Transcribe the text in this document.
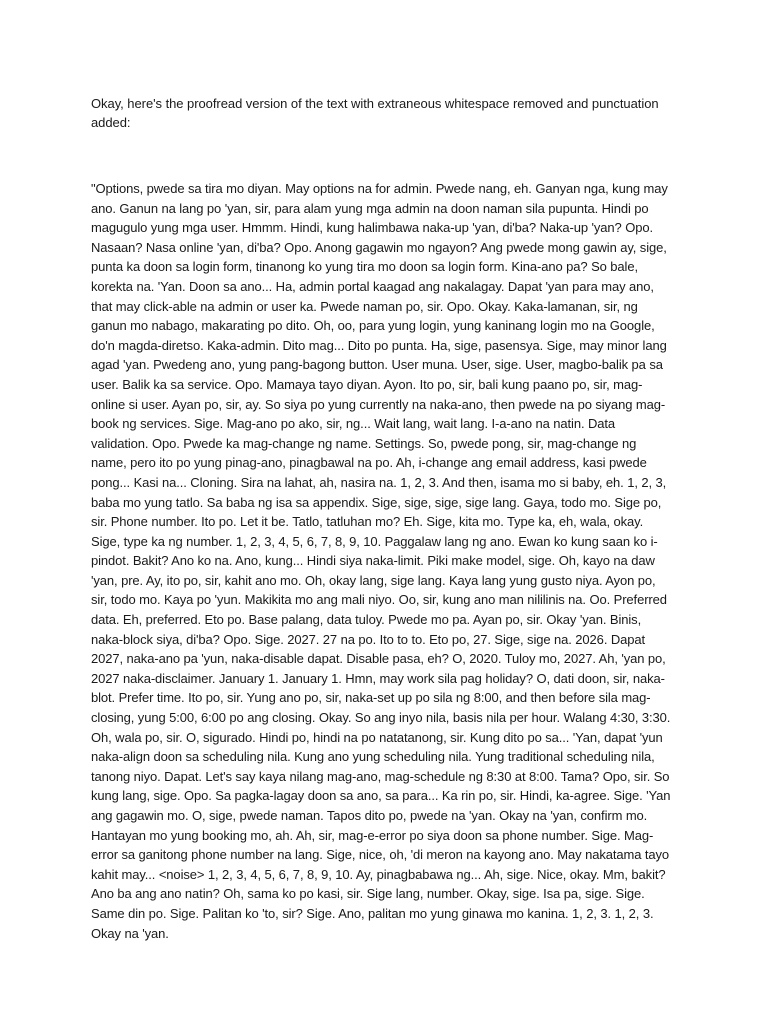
Okay, here's the proofread version of the text with extraneous whitespace removed and punctuation added:

"Options, pwede sa tira mo diyan. May options na for admin. Pwede nang, eh. Ganyan nga, kung may ano. Ganun na lang po 'yan, sir, para alam yung mga admin na doon naman sila pupunta. Hindi po magugulo yung mga user. Hmmm. Hindi, kung halimbawa naka-up 'yan, di'ba? Naka-up 'yan? Opo. Nasaan? Nasa online 'yan, di'ba? Opo. Anong gagawin mo ngayon? Ang pwede mong gawin ay, sige, punta ka doon sa login form, tinanong ko yung tira mo doon sa login form. Kina-ano pa? So bale, korekta na. 'Yan. Doon sa ano... Ha, admin portal kaagad ang nakalagay. Dapat 'yan para may ano, that may click-able na admin or user ka. Pwede naman po, sir. Opo. Okay. Kaka-lamanan, sir, ng ganun mo nabago, makarating po dito. Oh, oo, para yung login, yung kaninang login mo na Google, do'n magda-diretso. Kaka-admin. Dito mag... Dito po punta. Ha, sige, pasensya. Sige, may minor lang agad 'yan. Pwedeng ano, yung pang-bagong button. User muna. User, sige. User, magbo-balik pa sa user. Balik ka sa service. Opo. Mamaya tayo diyan. Ayon. Ito po, sir, bali kung paano po, sir, mag-online si user. Ayan po, sir, ay. So siya po yung currently na naka-ano, then pwede na po siyang mag-book ng services. Sige. Mag-ano po ako, sir, ng... Wait lang, wait lang. I-a-ano na natin. Data validation. Opo. Pwede ka mag-change ng name. Settings. So, pwede pong, sir, mag-change ng name, pero ito po yung pinag-ano, pinagbawal na po. Ah, i-change ang email address, kasi pwede pong... Kasi na... Cloning. Sira na lahat, ah, nasira na. 1, 2, 3. And then, isama mo si baby, eh. 1, 2, 3, baba mo yung tatlo. Sa baba ng isa sa appendix. Sige, sige, sige, sige lang. Gaya, todo mo. Sige po, sir. Phone number. Ito po. Let it be. Tatlo, tatluhan mo? Eh. Sige, kita mo. Type ka, eh, wala, okay. Sige, type ka ng number. 1, 2, 3, 4, 5, 6, 7, 8, 9, 10. Paggalaw lang ng ano. Ewan ko kung saan ko i-pindot. Bakit? Ano ko na. Ano, kung... Hindi siya naka-limit. Piki make model, sige. Oh, kayo na daw 'yan, pre. Ay, ito po, sir, kahit ano mo. Oh, okay lang, sige lang. Kaya lang yung gusto niya. Ayon po, sir, todo mo. Kaya po 'yun. Makikita mo ang mali niyo. Oo, sir, kung ano man nililinis na. Oo. Preferred data. Eh, preferred. Eto po. Base palang, data tuloy. Pwede mo pa. Ayan po, sir. Okay 'yan. Binis, naka-block siya, di'ba? Opo. Sige. 2027. 27 na po. Ito to to. Eto po, 27. Sige, sige na. 2026. Dapat 2027, naka-ano pa 'yun, naka-disable dapat. Disable pasa, eh? O, 2020. Tuloy mo, 2027. Ah, 'yan po, 2027 naka-disclaimer. January 1. January 1. Hmn, may work sila pag holiday? O, dati doon, sir, naka-blot. Prefer time. Ito po, sir. Yung ano po, sir, naka-set up po sila ng 8:00, and then before sila mag-closing, yung 5:00, 6:00 po ang closing. Okay. So ang inyo nila, basis nila per hour. Walang 4:30, 3:30. Oh, wala po, sir. O, sigurado. Hindi po, hindi na po natatanong, sir. Kung dito po sa... 'Yan, dapat 'yun naka-align doon sa scheduling nila. Kung ano yung scheduling nila. Yung traditional scheduling nila, tanong niyo. Dapat. Let's say kaya nilang mag-ano, mag-schedule ng 8:30 at 8:00. Tama? Opo, sir. So kung lang, sige. Opo. Sa pagka-lagay doon sa ano, sa para... Ka rin po, sir. Hindi, ka-agree. Sige. 'Yan ang gagawin mo. O, sige, pwede naman. Tapos dito po, pwede na 'yan. Okay na 'yan, confirm mo. Hantayan mo yung booking mo, ah. Ah, sir, mag-e-error po siya doon sa phone number. Sige. Mag-error sa ganitong phone number na lang. Sige, nice, oh, 'di meron na kayong ano. May nakatama tayo kahit may... <noise> 1, 2, 3, 4, 5, 6, 7, 8, 9, 10. Ay, pinagbabawa ng... Ah, sige. Nice, okay. Mm, bakit? Ano ba ang ano natin? Oh, sama ko po kasi, sir. Sige lang, number. Okay, sige. Isa pa, sige. Sige. Same din po. Sige. Palitan ko 'to, sir? Sige. Ano, palitan mo yung ginawa mo kanina. 1, 2, 3. 1, 2, 3. Okay na 'yan.
